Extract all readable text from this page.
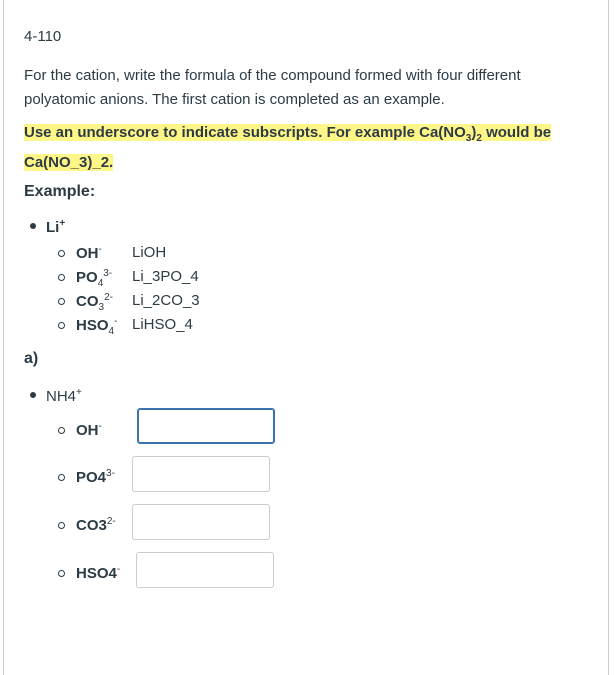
4-110
For the cation, write the formula of the compound formed with four different polyatomic anions. The first cation is completed as an example.
Use an underscore to indicate subscripts. For example $Ca(NO_3)_2$ would be Ca(NO_3)_2.
Example:
Li+
OH- LiOH
$PO_4^{3-}$ Li_3PO_4
$CO_3^{2-}$ Li_2CO_3
$HSO_4^-$ LiHSO_4
a)
NH4+
OH-
$PO4^{3-}$
$CO3^{2-}$
HSO4-
